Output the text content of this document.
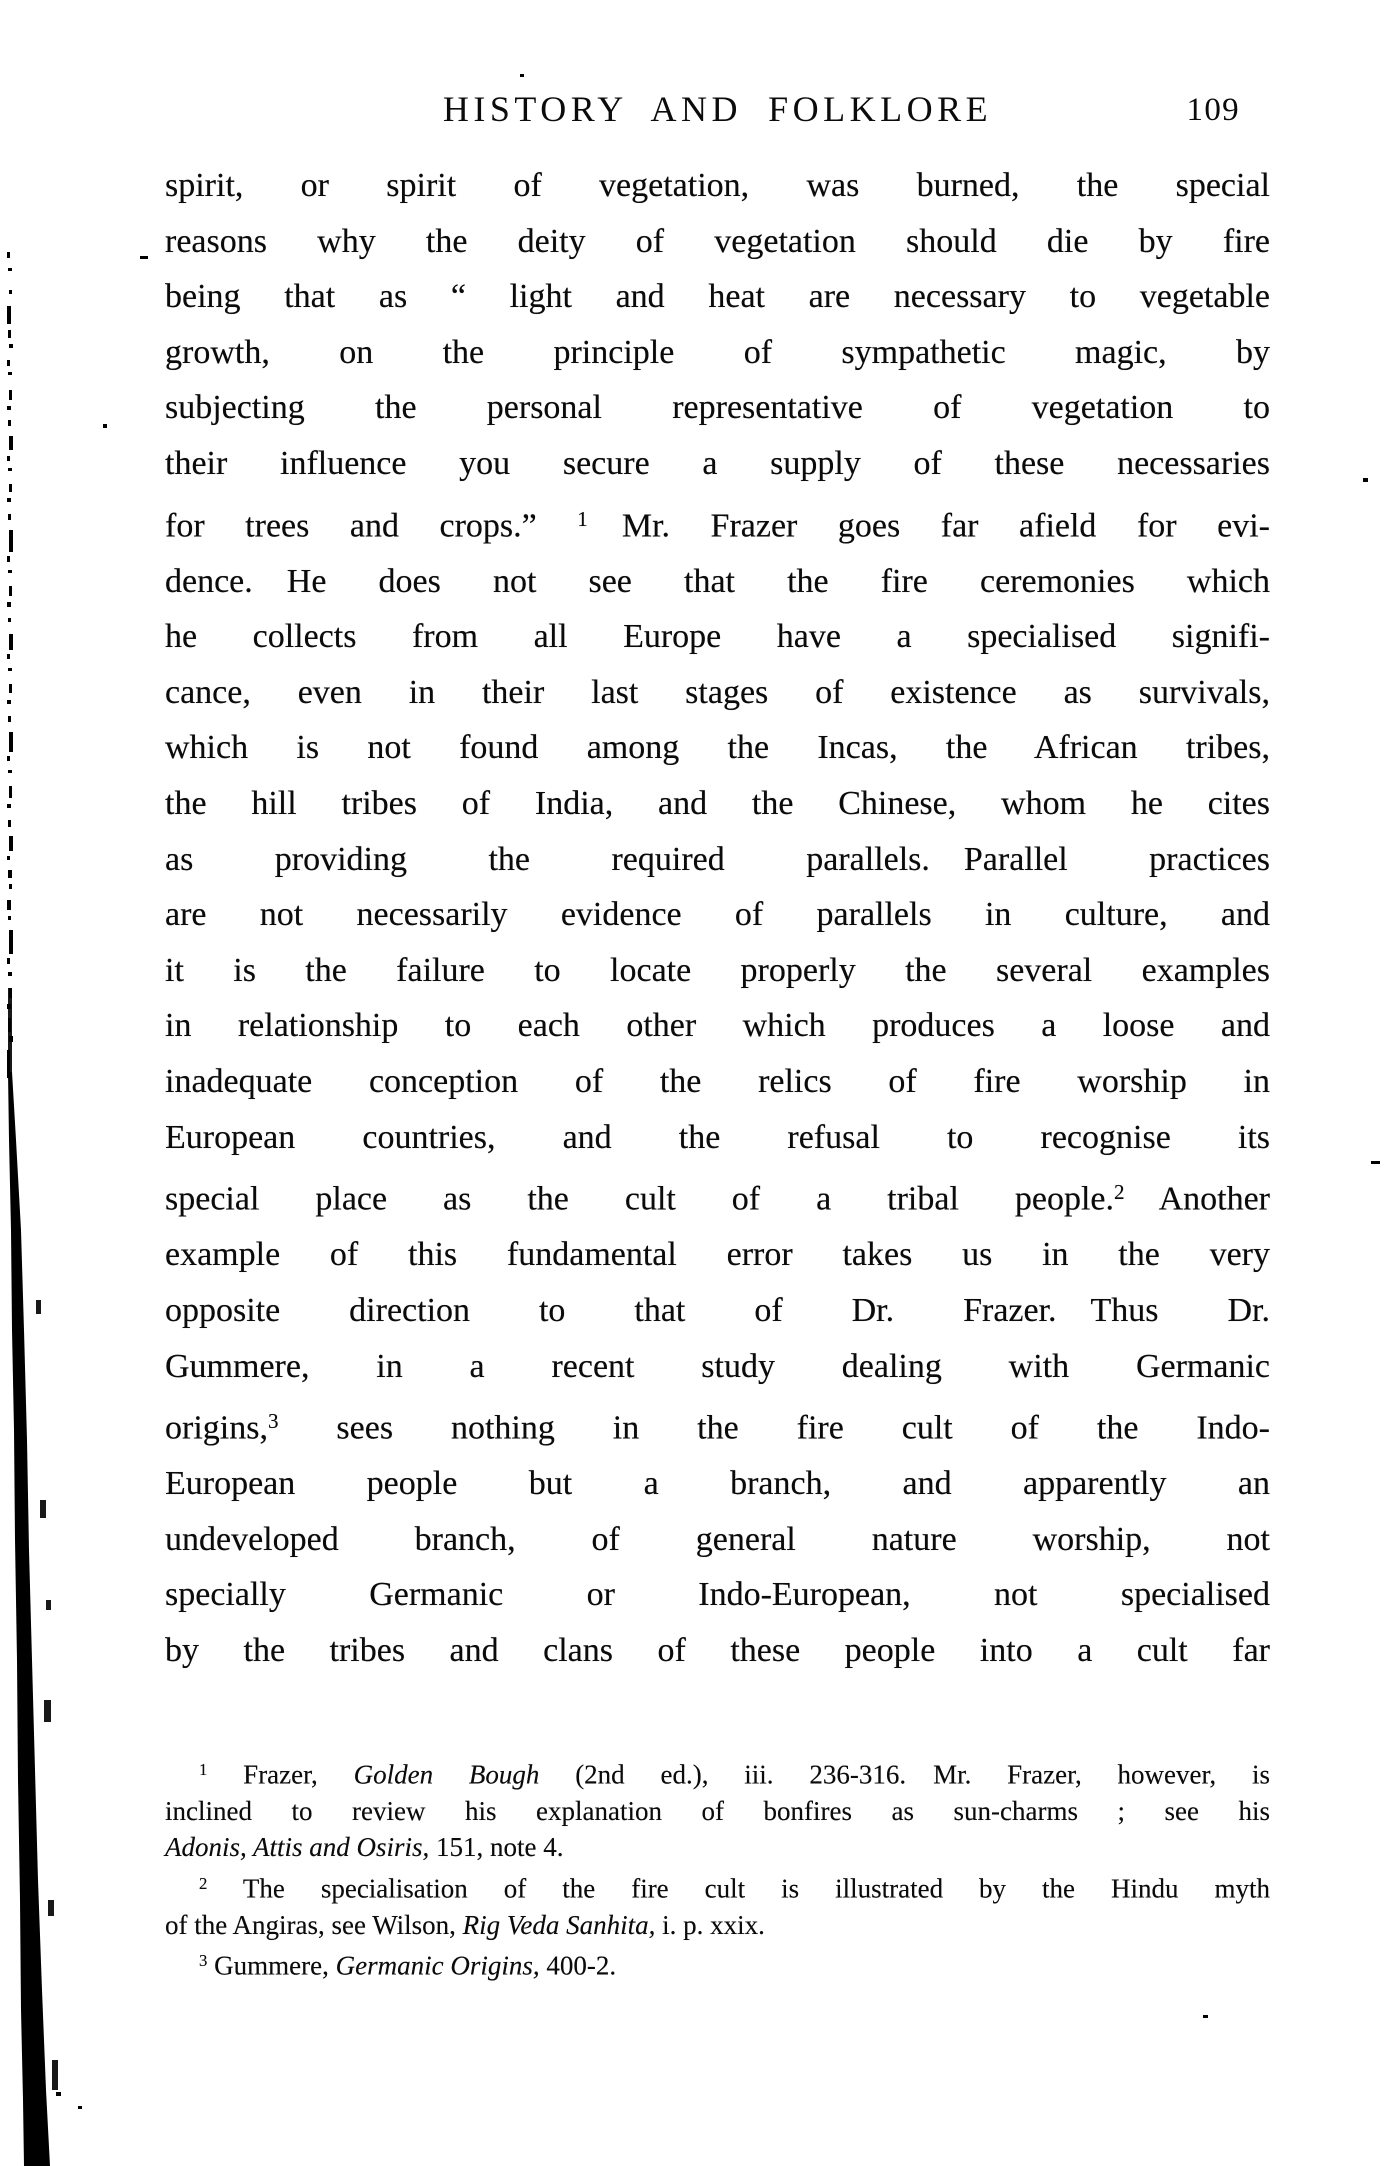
HISTORY AND FOLKLORE	109
spirit, or spirit of vegetation, was burned, the special
reasons why the deity of vegetation should die by fire
being that as “ light and heat are necessary to vegetable
growth, on the principle of sympathetic magic, by
subjecting the personal representative of vegetation to
their influence you secure a supply of these necessaries
for trees and crops.” $^1$ Mr. Frazer goes far afield for evi-
dence. He does not see that the fire ceremonies which
he collects from all Europe have a specialised signifi-
cance, even in their last stages of existence as survivals,
which is not found among the Incas, the African tribes,
the hill tribes of India, and the Chinese, whom he cites
as providing the required parallels. Parallel practices
are not necessarily evidence of parallels in culture, and
it is the failure to locate properly the several examples
in relationship to each other which produces a loose and
inadequate conception of the relics of fire worship in
European countries, and the refusal to recognise its
special place as the cult of a tribal people.$^2$ Another
example of this fundamental error takes us in the very
opposite direction to that of Dr. Frazer. Thus Dr.
Gummere, in a recent study dealing with Germanic
origins,$^3$ sees nothing in the fire cult of the Indo-
European people but a branch, and apparently an
undeveloped branch, of general nature worship, not
specially Germanic or Indo-European, not specialised
by the tribes and clans of these people into a cult far
$^1$ Frazer, Golden Bough (2nd ed.), iii. 236-316. Mr. Frazer, however, is
inclined to review his explanation of bonfires as sun-charms ; see his
Adonis, Attis and Osiris, 151, note 4.
$^2$ The specialisation of the fire cult is illustrated by the Hindu myth
of the Angiras, see Wilson, Rig Veda Sanhita, i. p. xxix.
$^3$ Gummere, Germanic Origins, 400-2.
